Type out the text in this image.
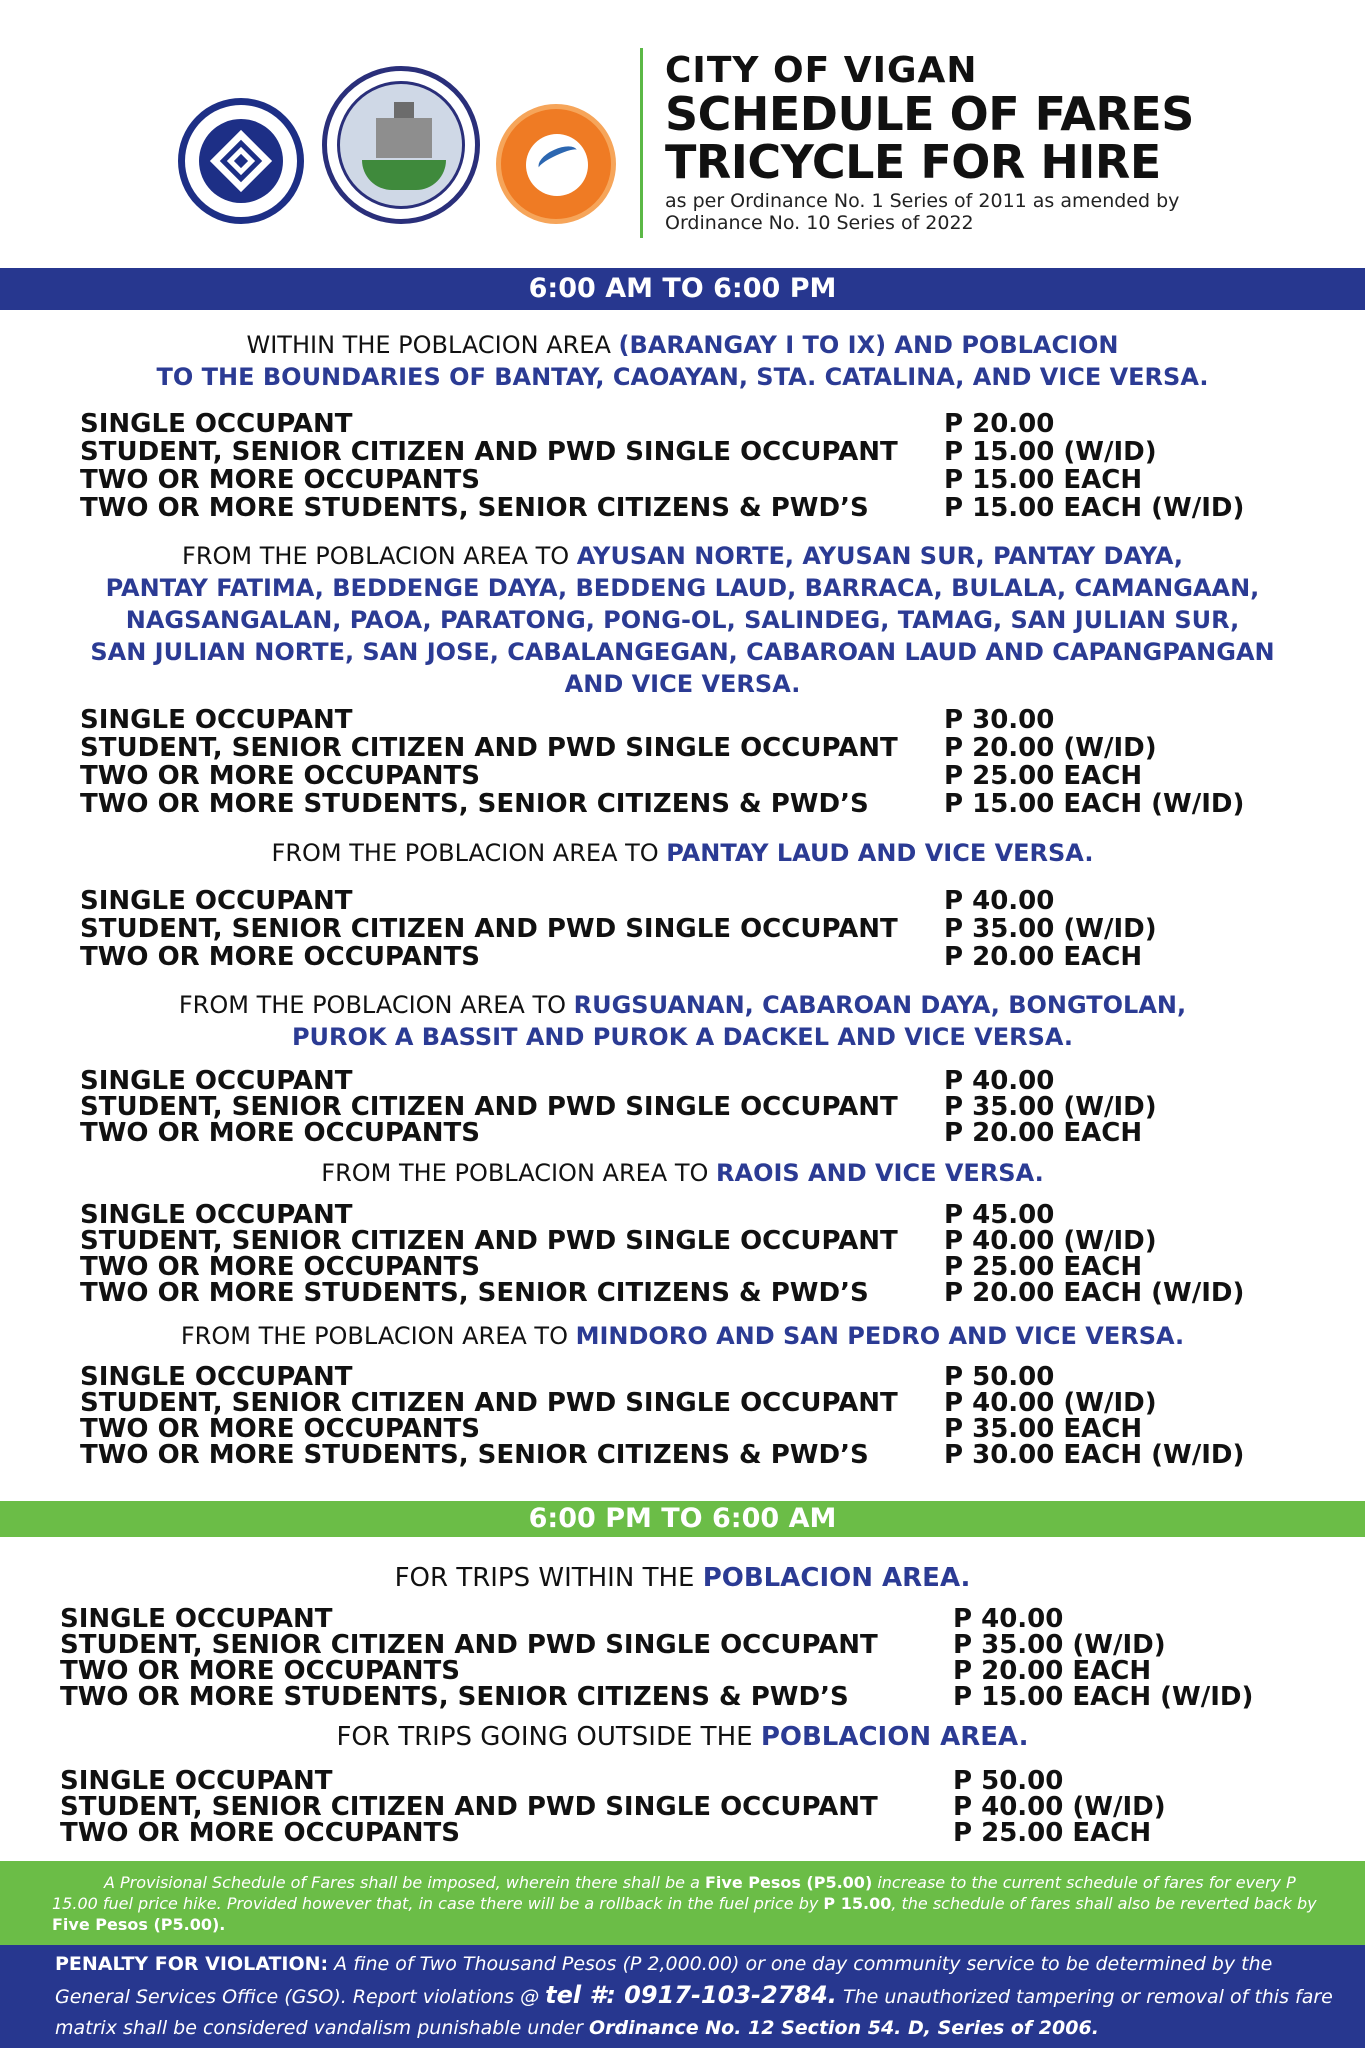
CITY OF VIGAN
SCHEDULE OF FARES
TRICYCLE FOR HIRE
as per Ordinance No. 1 Series of 2011 as amended by
Ordinance No. 10 Series of 2022
6:00 AM TO 6:00 PM
WITHIN THE POBLACION AREA (BARANGAY I TO IX) AND POBLACION
TO THE BOUNDARIES OF BANTAY, CAOAYAN, STA. CATALINA, AND VICE VERSA.
SINGLE OCCUPANT	P 20.00
STUDENT, SENIOR CITIZEN AND PWD SINGLE OCCUPANT P 15.00 (W/ID)
TWO OR MORE OCCUPANTS	P 15.00 EACH
TWO OR MORE STUDENTS, SENIOR CITIZENS & PWD’S	P 15.00 EACH (W/ID)
FROM THE POBLACION AREA TO AYUSAN NORTE, AYUSAN SUR, PANTAY DAYA,
PANTAY FATIMA, BEDDENGE DAYA, BEDDENG LAUD, BARRACA, BULALA, CAMANGAAN,
NAGSANGALAN, PAOA, PARATONG, PONG-OL, SALINDEG, TAMAG, SAN JULIAN SUR,
SAN JULIAN NORTE, SAN JOSE, CABALANGEGAN, CABAROAN LAUD AND CAPANGPANGAN
AND VICE VERSA.
SINGLE OCCUPANT	P 30.00
STUDENT, SENIOR CITIZEN AND PWD SINGLE OCCUPANT P 20.00 (W/ID)
TWO OR MORE OCCUPANTS	P 25.00 EACH
TWO OR MORE STUDENTS, SENIOR CITIZENS & PWD’S	P 15.00 EACH (W/ID)
FROM THE POBLACION AREA TO PANTAY LAUD AND VICE VERSA.
SINGLE OCCUPANT	P 40.00
STUDENT, SENIOR CITIZEN AND PWD SINGLE OCCUPANT P 35.00 (W/ID)
TWO OR MORE OCCUPANTS	P 20.00 EACH
FROM THE POBLACION AREA TO RUGSUANAN, CABAROAN DAYA, BONGTOLAN,
PUROK A BASSIT AND PUROK A DACKEL AND VICE VERSA.
SINGLE OCCUPANT	P 40.00
STUDENT, SENIOR CITIZEN AND PWD SINGLE OCCUPANT P 35.00 (W/ID)
TWO OR MORE OCCUPANTS	P 20.00 EACH
FROM THE POBLACION AREA TO RAOIS AND VICE VERSA.
SINGLE OCCUPANT	P 45.00
STUDENT, SENIOR CITIZEN AND PWD SINGLE OCCUPANT P 40.00 (W/ID)
TWO OR MORE OCCUPANTS	P 25.00 EACH
TWO OR MORE STUDENTS, SENIOR CITIZENS & PWD’S	P 20.00 EACH (W/ID)
FROM THE POBLACION AREA TO MINDORO AND SAN PEDRO AND VICE VERSA.
SINGLE OCCUPANT	P 50.00
STUDENT, SENIOR CITIZEN AND PWD SINGLE OCCUPANT P 40.00 (W/ID)
TWO OR MORE OCCUPANTS	P 35.00 EACH
TWO OR MORE STUDENTS, SENIOR CITIZENS & PWD’S	P 30.00 EACH (W/ID)
6:00 PM TO 6:00 AM
FOR TRIPS WITHIN THE POBLACION AREA.
SINGLE OCCUPANT	P 40.00
STUDENT, SENIOR CITIZEN AND PWD SINGLE OCCUPANT	P 35.00 (W/ID)
TWO OR MORE OCCUPANTS	P 20.00 EACH
TWO OR MORE STUDENTS, SENIOR CITIZENS & PWD’S	P 15.00 EACH (W/ID)
FOR TRIPS GOING OUTSIDE THE POBLACION AREA.
SINGLE OCCUPANT	P 50.00
STUDENT, SENIOR CITIZEN AND PWD SINGLE OCCUPANT	P 40.00 (W/ID)
TWO OR MORE OCCUPANTS	P 25.00 EACH
A Provisional Schedule of Fares shall be imposed, wherein there shall be a Five Pesos (P5.00) increase to the current schedule of fares for every P 15.00 fuel price hike. Provided however that, in case there will be a rollback in the fuel price by P 15.00, the schedule of fares shall also be reverted back by Five Pesos (P5.00).
PENALTY FOR VIOLATION: A fine of Two Thousand Pesos (P 2,000.00) or one day community service to be determined by the General Services Office (GSO). Report violations @ tel #: 0917-103-2784. The unauthorized tampering or removal of this fare matrix shall be considered vandalism punishable under Ordinance No. 12 Section 54. D, Series of 2006.
